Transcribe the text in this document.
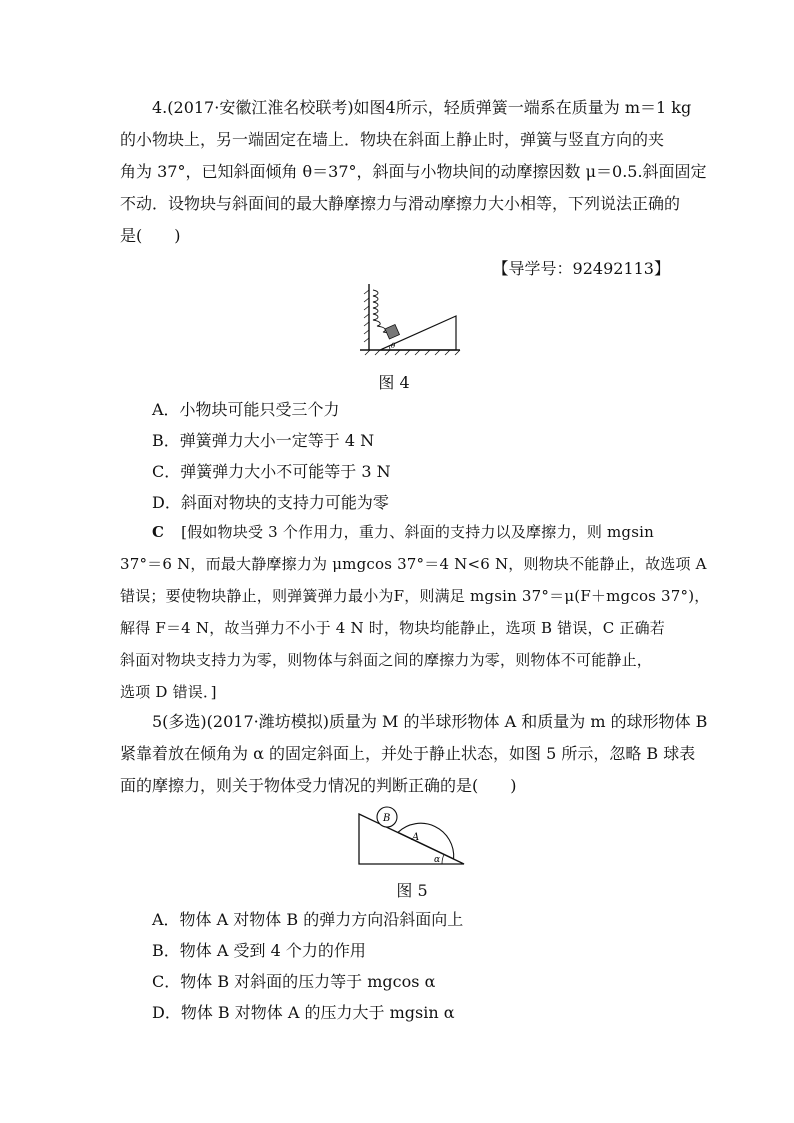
4.(2017·安徽江淮名校联考)如图4所示，轻质弹簧一端系在质量为 m＝1 kg
的小物块上，另一端固定在墙上．物块在斜面上静止时，弹簧与竖直方向的夹
角为 37°，已知斜面倾角 θ＝37°，斜面与小物块间的动摩擦因数 μ＝0.5.斜面固定
不动．设物块与斜面间的最大静摩擦力与滑动摩擦力大小相等，下列说法正确的
是(　　)
【导学号：92492113】
θ
图 4
A．小物块可能只受三个力
B．弹簧弹力大小一定等于 4 N
C．弹簧弹力大小不可能等于 3 N
D．斜面对物块的支持力可能为零
C [假如物块受 3 个作用力，重力、斜面的支持力以及摩擦力，则 mgsin
37°＝6 N，而最大静摩擦力为 μmgcos 37°＝4 N<6 N，则物块不能静止，故选项 A
错误；要使物块静止，则弹簧弹力最小为F，则满足 mgsin 37°＝μ(F＋mgcos 37°)，
解得 F＝4 N，故当弹力不小于 4 N 时，物块均能静止，选项 B 错误，C 正确若
斜面对物块支持力为零，则物体与斜面之间的摩擦力为零，则物体不可能静止，
选项 D 错误．]
5(多选)(2017·潍坊模拟)质量为 M 的半球形物体 A 和质量为 m 的球形物体 B
紧靠着放在倾角为 α 的固定斜面上，并处于静止状态，如图 5 所示，忽略 B 球表
面的摩擦力，则关于物体受力情况的判断正确的是(　　)
B
A
α
图 5
A．物体 A 对物体 B 的弹力方向沿斜面向上
B．物体 A 受到 4 个力的作用
C．物体 B 对斜面的压力等于 mgcos α
D．物体 B 对物体 A 的压力大于 mgsin α
